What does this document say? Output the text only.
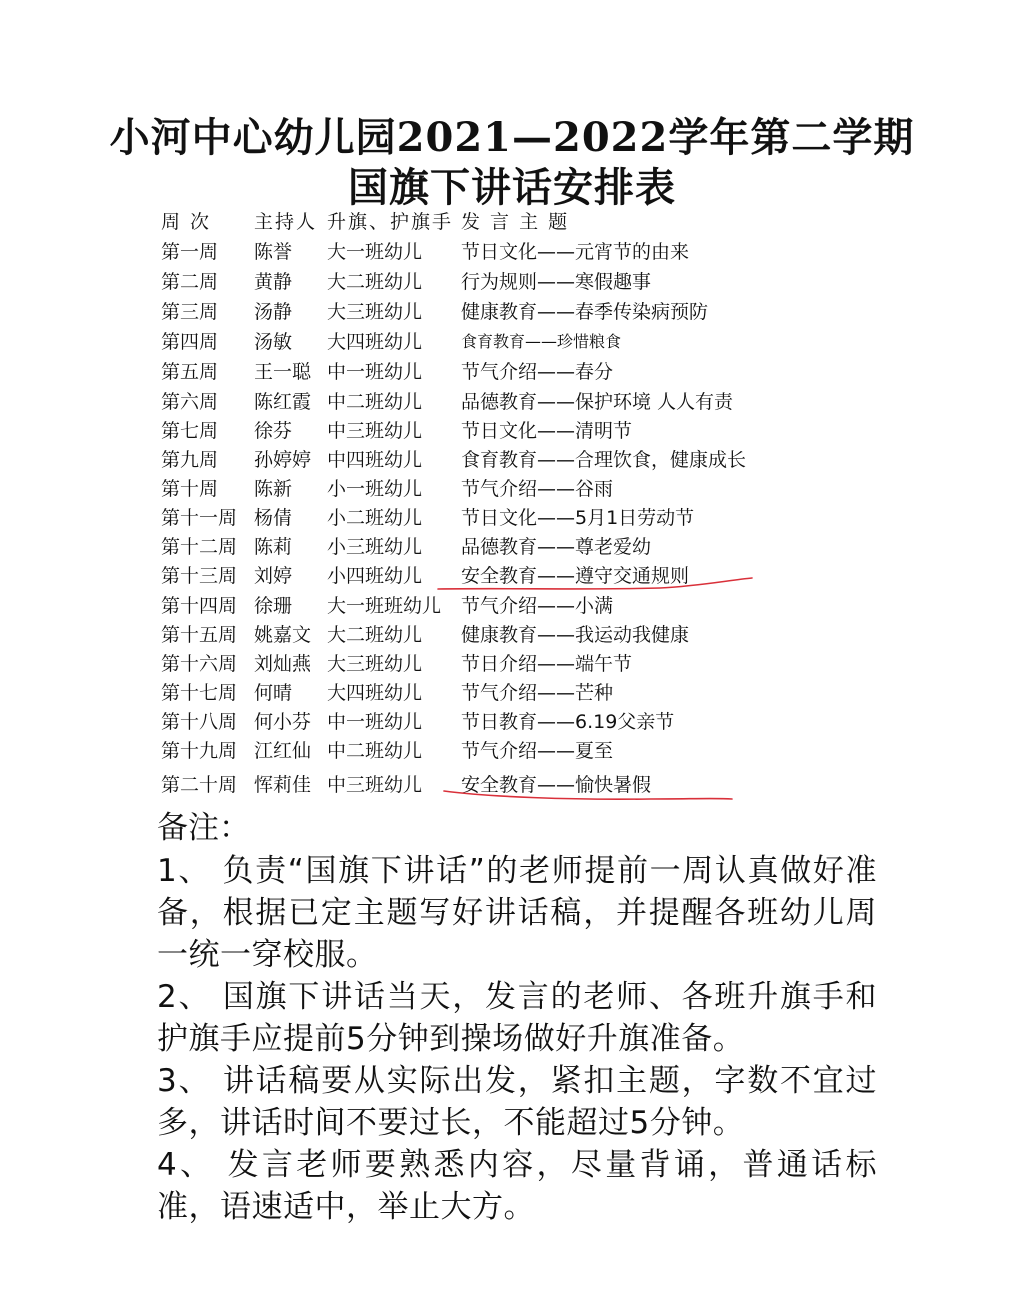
小河中心幼儿园2021—2022学年第二学期
国旗下讲话安排表
周 次 主持人 升旗、护旗手 发 言 主 题
第一周 陈誉 大一班幼儿 节日文化——元宵节的由来
第二周 黄静 大二班幼儿 行为规则——寒假趣事
第三周 汤静 大三班幼儿 健康教育——春季传染病预防
第四周 汤敏 大四班幼儿 食育教育——珍惜粮食
第五周 王一聪 中一班幼儿 节气介绍——春分
第六周 陈红霞 中二班幼儿 品德教育——保护环境 人人有责
第七周 徐芬 中三班幼儿 节日文化——清明节
第九周 孙婷婷 中四班幼儿 食育教育——合理饮食，健康成长
第十周 陈新 小一班幼儿 节气介绍——谷雨
第十一周 杨倩 小二班幼儿 节日文化——5月1日劳动节
第十二周 陈莉 小三班幼儿 品德教育——尊老爱幼
第十三周 刘婷 小四班幼儿 安全教育——遵守交通规则
第十四周 徐珊 大一班班幼儿 节气介绍——小满
第十五周 姚嘉文 大二班幼儿 健康教育——我运动我健康
第十六周 刘灿燕 大三班幼儿 节日介绍——端午节
第十七周 何晴 大四班幼儿 节气介绍——芒种
第十八周 何小芬 中一班幼儿 节日教育——6.19父亲节
第十九周 江红仙 中二班幼儿 节气介绍——夏至
第二十周 恽莉佳 中三班幼儿 安全教育——愉快暑假

备注：

1、 负责“国旗下讲话”的老师提前一周认真做好准备，根据已定主题写好讲话稿，并提醒各班幼儿周一统一穿校服。

2、 国旗下讲话当天，发言的老师、各班升旗手和护旗手应提前5分钟到操场做好升旗准备。

3、 讲话稿要从实际出发，紧扣主题，字数不宜过多，讲话时间不要过长，不能超过5分钟。

4、 发言老师要熟悉内容，尽量背诵，普通话标准，语速适中，举止大方。
